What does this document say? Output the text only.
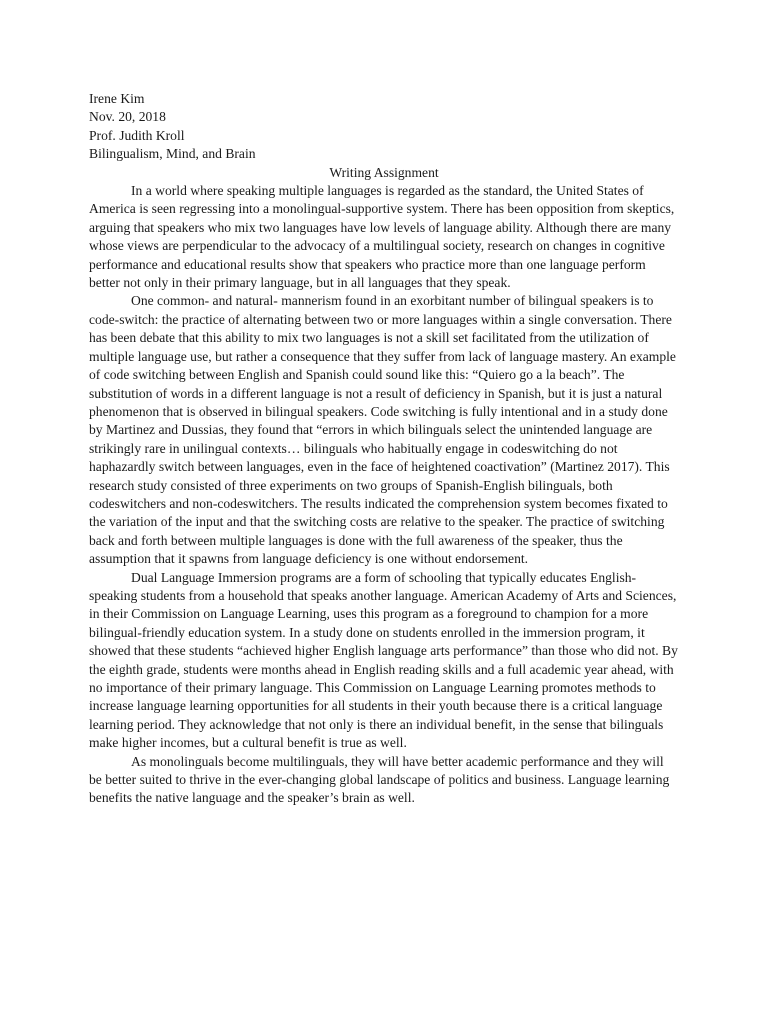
Irene Kim

Nov. 20, 2018

Prof. Judith Kroll

Bilingualism, Mind, and Brain

Writing Assignment

In a world where speaking multiple languages is regarded as the standard, the United States of America is seen regressing into a monolingual-supportive system. There has been opposition from skeptics, arguing that speakers who mix two languages have low levels of language ability. Although there are many whose views are perpendicular to the advocacy of a multilingual society, research on changes in cognitive performance and educational results show that speakers who practice more than one language perform better not only in their primary language, but in all languages that they speak.

One common- and natural- mannerism found in an exorbitant number of bilingual speakers is to code-switch: the practice of alternating between two or more languages within a single conversation. There has been debate that this ability to mix two languages is not a skill set facilitated from the utilization of multiple language use, but rather a consequence that they suffer from lack of language mastery. An example of code switching between English and Spanish could sound like this: “Quiero go a la beach”. The substitution of words in a different language is not a result of deficiency in Spanish, but it is just a natural phenomenon that is observed in bilingual speakers. Code switching is fully intentional and in a study done by Martinez and Dussias, they found that “errors in which bilinguals select the unintended language are strikingly rare in unilingual contexts… bilinguals who habitually engage in codeswitching do not haphazardly switch between languages, even in the face of heightened coactivation” (Martinez 2017). This research study consisted of three experiments on two groups of Spanish-English bilinguals, both codeswitchers and non-codeswitchers. The results indicated the comprehension system becomes fixated to the variation of the input and that the switching costs are relative to the speaker. The practice of switching back and forth between multiple languages is done with the full awareness of the speaker, thus the assumption that it spawns from language deficiency is one without endorsement.

Dual Language Immersion programs are a form of schooling that typically educates English-speaking students from a household that speaks another language. American Academy of Arts and Sciences, in their Commission on Language Learning, uses this program as a foreground to champion for a more bilingual-friendly education system. In a study done on students enrolled in the immersion program, it showed that these students “achieved higher English language arts performance” than those who did not. By the eighth grade, students were months ahead in English reading skills and a full academic year ahead, with no importance of their primary language. This Commission on Language Learning promotes methods to increase language learning opportunities for all students in their youth because there is a critical language learning period. They acknowledge that not only is there an individual benefit, in the sense that bilinguals make higher incomes, but a cultural benefit is true as well.

As monolinguals become multilinguals, they will have better academic performance and they will be better suited to thrive in the ever-changing global landscape of politics and business. Language learning benefits the native language and the speaker’s brain as well.
